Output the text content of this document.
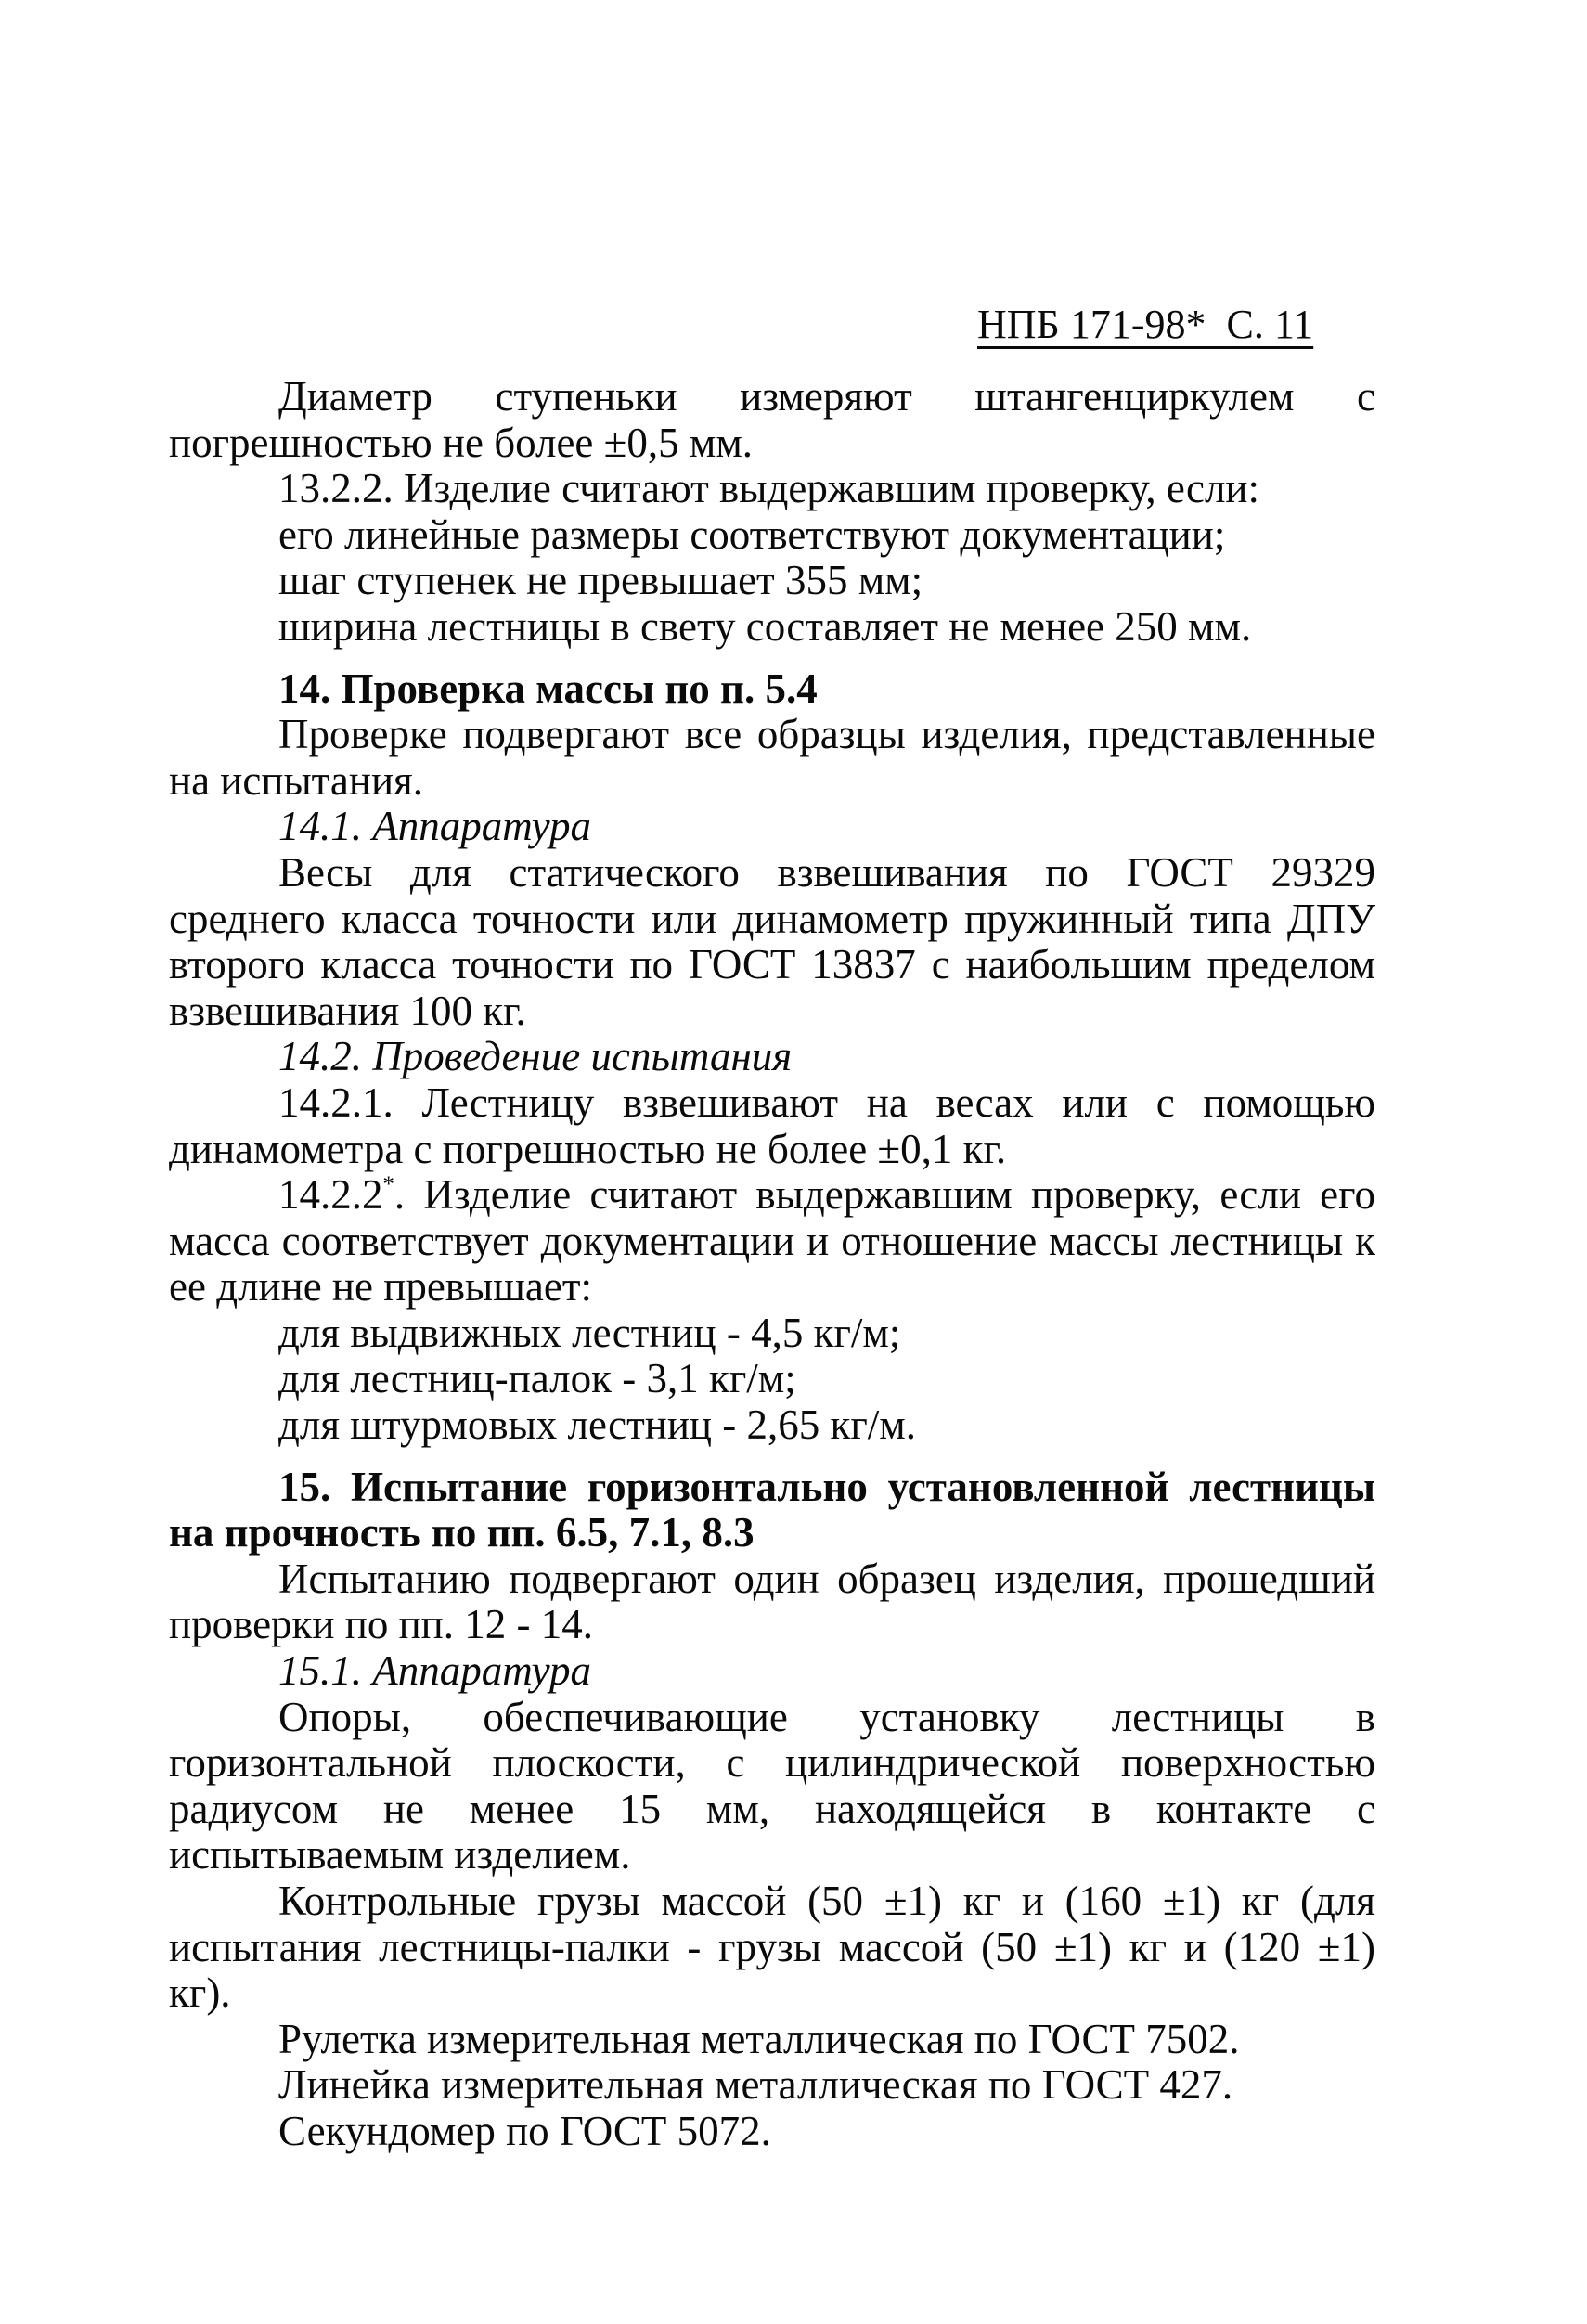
НПБ 171-98* С. 11

Диаметр ступеньки измеряют штангенциркулем с погрешностью не более ±0,5 мм.

13.2.2. Изделие считают выдержавшим проверку, если:

его линейные размеры соответствуют документации;

шаг ступенек не превышает 355 мм;

ширина лестницы в свету составляет не менее 250 мм.

14. Проверка массы по п. 5.4

Проверке подвергают все образцы изделия, представленные на испытания.

14.1. Аппаратура

Весы для статического взвешивания по ГОСТ 29329 среднего класса точности или динамометр пружинный типа ДПУ второго класса точности по ГОСТ 13837 с наибольшим пределом взвешивания 100 кг.

14.2. Проведение испытания

14.2.1. Лестницу взвешивают на весах или с помощью динамометра с погрешностью не более ±0,1 кг.

14.2.2*. Изделие считают выдержавшим проверку, если его масса соответствует документации и отношение массы лестницы к ее длине не превышает:

для выдвижных лестниц - 4,5 кг/м;

для лестниц-палок - 3,1 кг/м;

для штурмовых лестниц - 2,65 кг/м.

15. Испытание горизонтально установленной лестницы на прочность по пп. 6.5, 7.1, 8.3

Испытанию подвергают один образец изделия, прошедший проверки по пп. 12 - 14.

15.1. Аппаратура

Опоры, обеспечивающие установку лестницы в горизонтальной плоскости, с цилиндрической поверхностью радиусом не менее 15 мм, находящейся в контакте с испытываемым изделием.

Контрольные грузы массой (50 ±1) кг и (160 ±1) кг (для испытания лестницы-палки - грузы массой (50 ±1) кг и (120 ±1) кг).

Рулетка измерительная металлическая по ГОСТ 7502.

Линейка измерительная металлическая по ГОСТ 427.

Секундомер по ГОСТ 5072.
